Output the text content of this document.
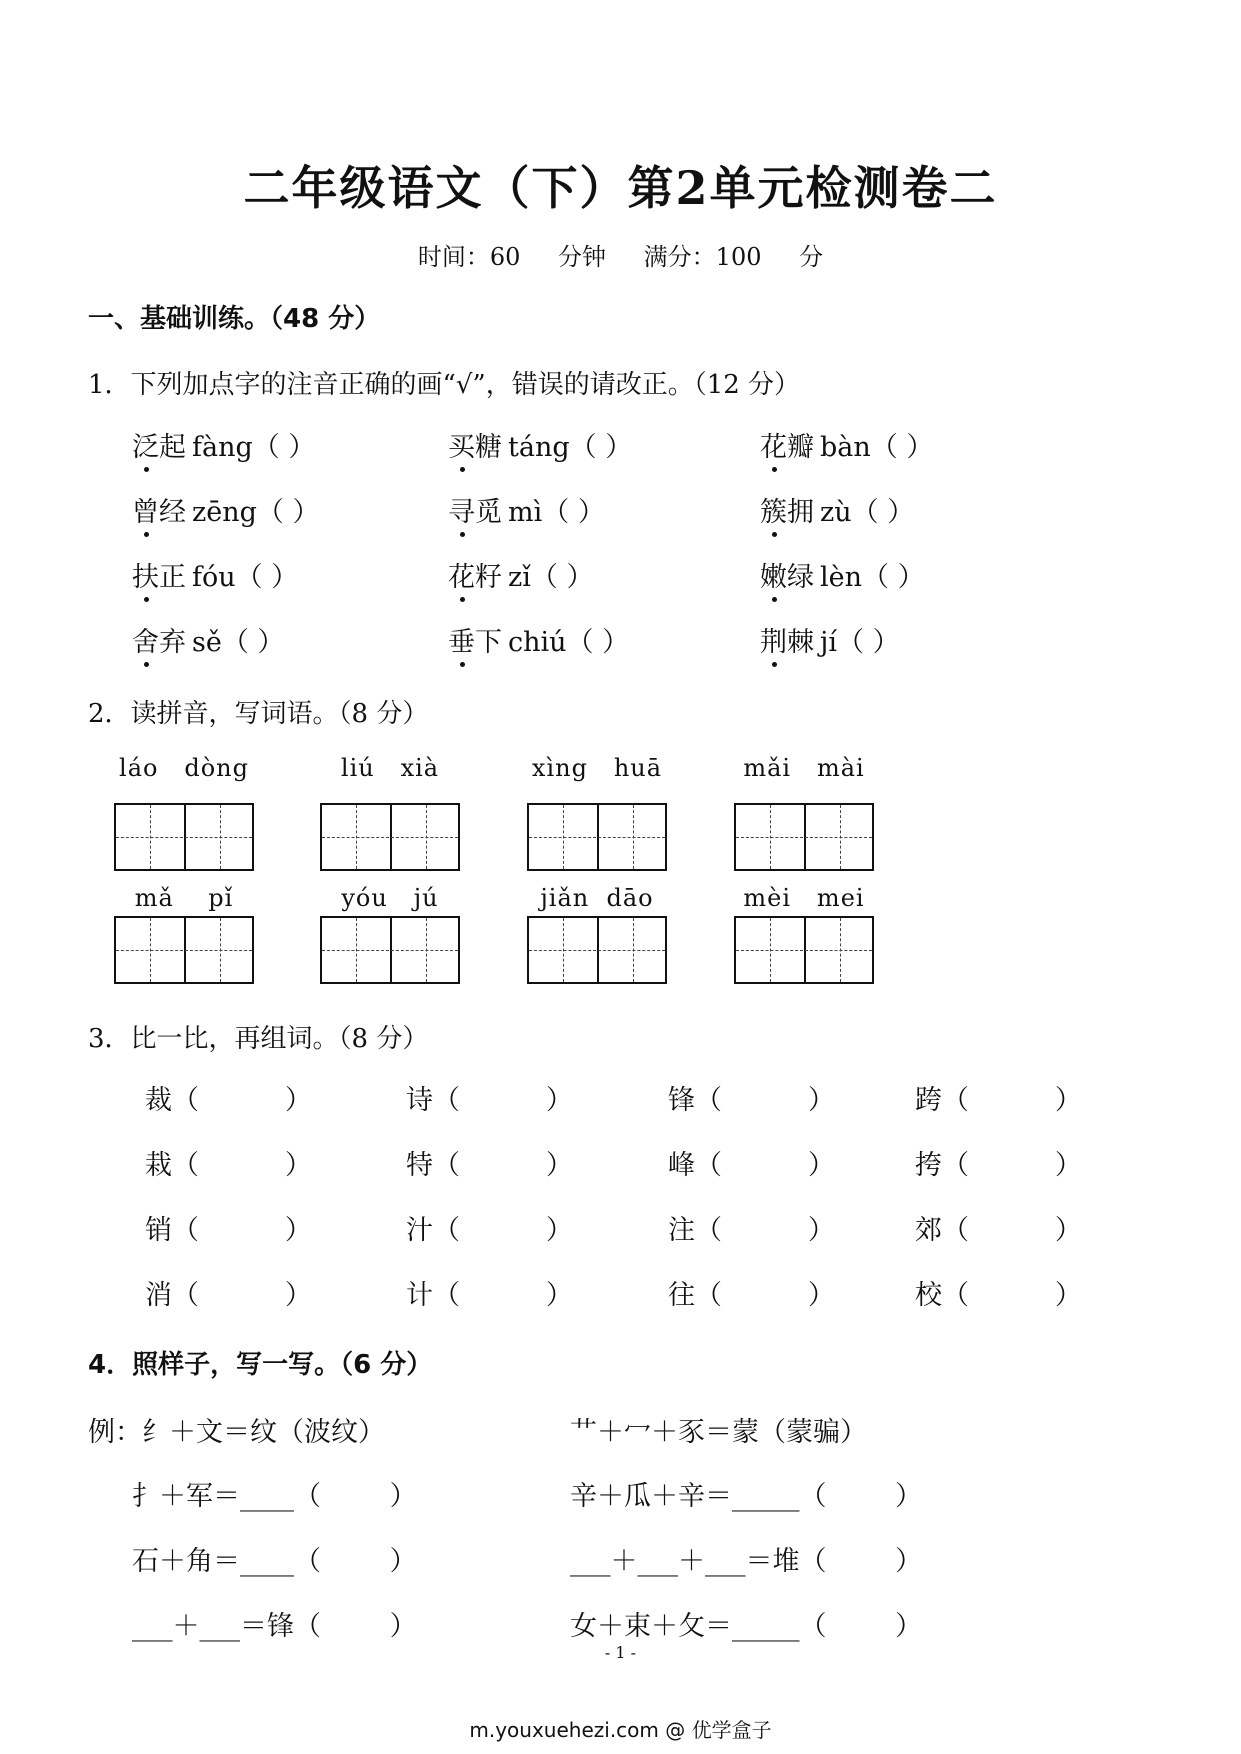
二年级语文（下）第2单元检测卷二
时间：60 分钟 满分：100 分
一、基础训练。（48 分）
1．下列加点字的注音正确的画“√”，错误的请改正。（12 分）
泛起 fàng（ ）	买糖 táng（ ）	花瓣 bàn（ ）
曾经 zēng（ ）	寻觅 mì（ ）	簇拥 zù（ ）
扶正 fóu（ ）	花籽 zǐ（ ）	嫩绿 lèn（ ）
舍弃 sě（ ）	垂下 chiú（ ）	荆棘 jí（ ）
2．读拼音，写词语。（8 分）
láo   dòng	liú   xià	xìng   huā	mǎi   mài
mǎ    pǐ	yóu   jú	jiǎn  dāo	mèi   mei
3．比一比，再组词。（8 分）
裁（          ）	诗（          ）	锋（          ）	跨（          ）
栽（          ）	特（          ）	峰（          ）	挎（          ）
销（          ）	汁（          ）	注（          ）	郊（          ）
消（          ）	计（          ）	往（          ）	校（          ）
4．照样子，写一写。（6 分）
例：纟＋文＝纹（波纹）	艹＋冖＋豕＝蒙（蒙骗）
扌＋军＝____（        ）	辛＋瓜＋辛＝_____（        ）
石＋角＝____（        ）	___＋___＋___＝堆（        ）
___＋___＝锋（        ）	女＋束＋攵＝_____（        ）
- 1 -
m.youxuehezi.com @ 优学盒子
